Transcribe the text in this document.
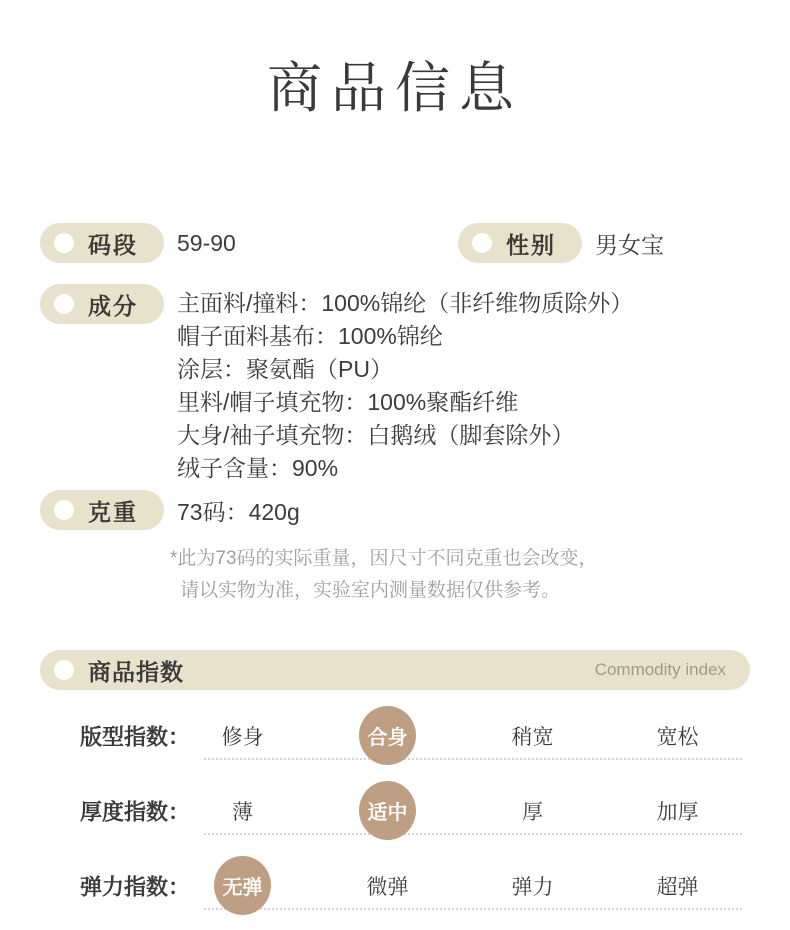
商品信息
码段 59-90	性别 男女宝
成分 主面料/撞料：100%锦纶（非纤维物质除外）
帽子面料基布：100%锦纶
涂层：聚氨酯（PU）
里料/帽子填充物：100%聚酯纤维
大身/袖子填充物：白鹅绒（脚套除外）
绒子含量：90%
克重 73码：420g
*此为73码的实际重量，因尺寸不同克重也会改变，
请以实物为准，实验室内测量数据仅供参考。
商品指数	Commodity index
版型指数： 修身	合身	稍宽	宽松
厚度指数： 薄	适中	厚	加厚
弹力指数：	无弹	微弹	弹力	超弹
